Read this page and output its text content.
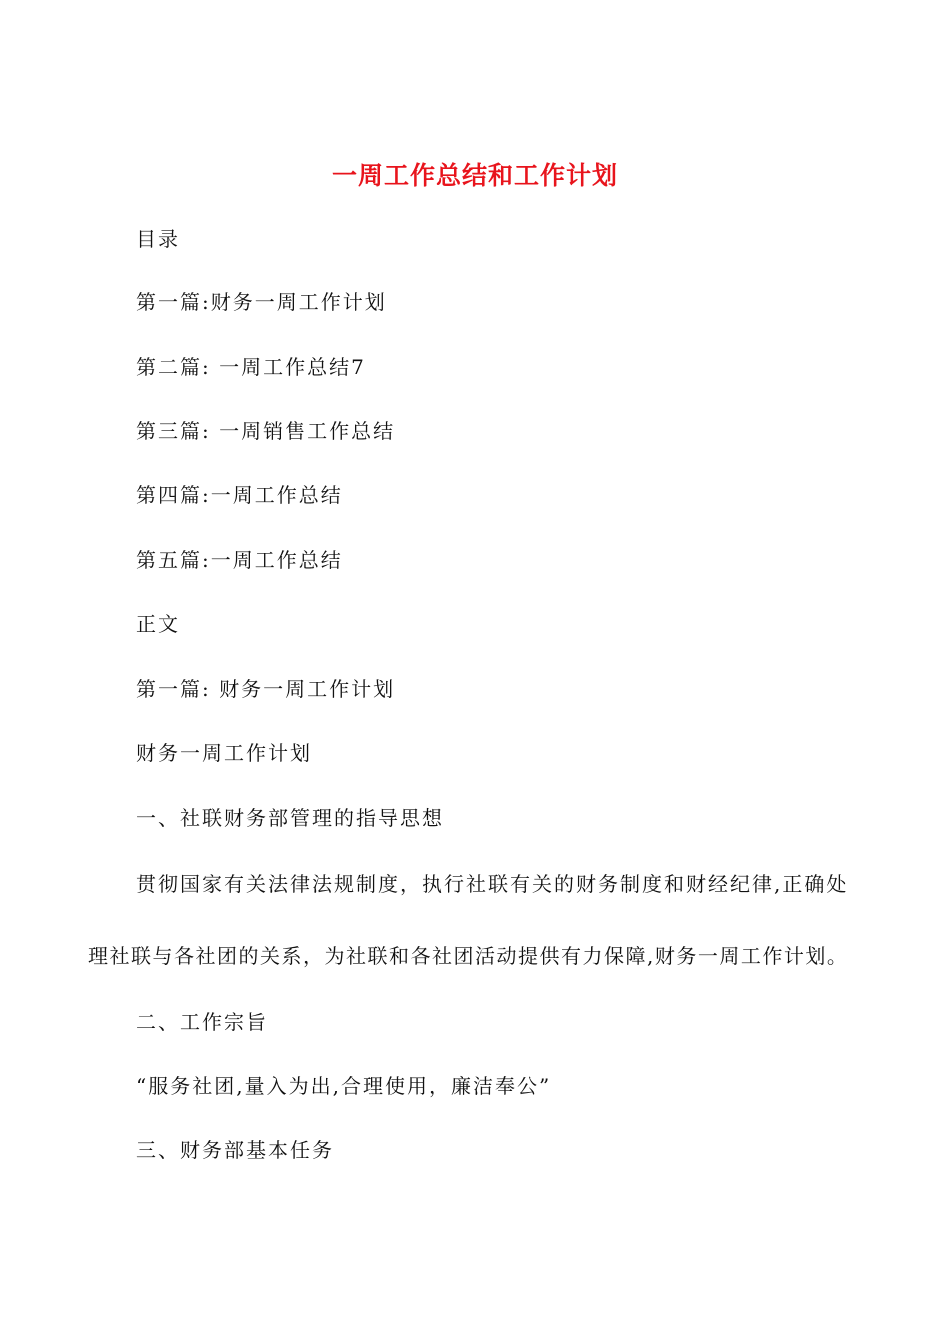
一周工作总结和工作计划
目录
第一篇:财务一周工作计划
第二篇: 一周工作总结7
第三篇: 一周销售工作总结
第四篇:一周工作总结
第五篇:一周工作总结
正文
第一篇: 财务一周工作计划
财务一周工作计划
一、社联财务部管理的指导思想
贯彻国家有关法律法规制度，执行社联有关的财务制度和财经纪律,正确处
理社联与各社团的关系，为社联和各社团活动提供有力保障,财务一周工作计划。
二、工作宗旨
“服务社团,量入为出,合理使用，廉洁奉公”
三、财务部基本任务
